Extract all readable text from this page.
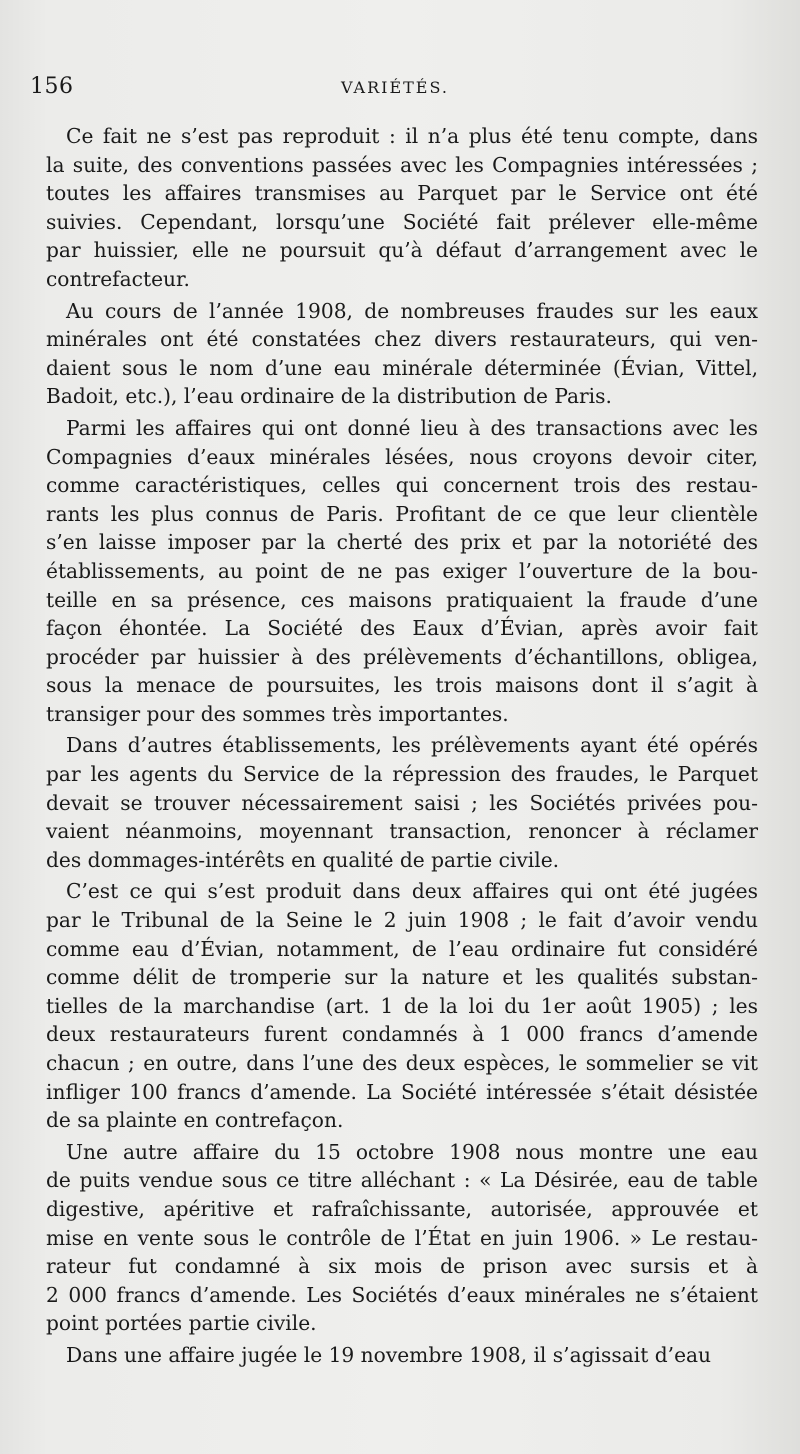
156	VARIÉTÉS.
Ce fait ne s’est pas reproduit : il n’a plus été tenu compte, dans
la suite, des conventions passées avec les Compagnies intéressées ;
toutes les affaires transmises au Parquet par le Service ont été
suivies. Cependant, lorsqu’une Société fait prélever elle-même
par huissier, elle ne poursuit qu’à défaut d’arrangement avec le
contrefacteur.
Au cours de l’année 1908, de nombreuses fraudes sur les eaux
minérales ont été constatées chez divers restaurateurs, qui ven-
daient sous le nom d’une eau minérale déterminée (Évian, Vittel,
Badoit, etc.), l’eau ordinaire de la distribution de Paris.
Parmi les affaires qui ont donné lieu à des transactions avec les
Compagnies d’eaux minérales lésées, nous croyons devoir citer,
comme caractéristiques, celles qui concernent trois des restau-
rants les plus connus de Paris. Profitant de ce que leur clientèle
s’en laisse imposer par la cherté des prix et par la notoriété des
établissements, au point de ne pas exiger l’ouverture de la bou-
teille en sa présence, ces maisons pratiquaient la fraude d’une
façon éhontée. La Société des Eaux d’Évian, après avoir fait
procéder par huissier à des prélèvements d’échantillons, obligea,
sous la menace de poursuites, les trois maisons dont il s’agit à
transiger pour des sommes très importantes.
Dans d’autres établissements, les prélèvements ayant été opérés
par les agents du Service de la répression des fraudes, le Parquet
devait se trouver nécessairement saisi ; les Sociétés privées pou-
vaient néanmoins, moyennant transaction, renoncer à réclamer
des dommages-intérêts en qualité de partie civile.
C’est ce qui s’est produit dans deux affaires qui ont été jugées
par le Tribunal de la Seine le 2 juin 1908 ; le fait d’avoir vendu
comme eau d’Évian, notamment, de l’eau ordinaire fut considéré
comme délit de tromperie sur la nature et les qualités substan-
tielles de la marchandise (art. 1 de la loi du 1er août 1905) ; les
deux restaurateurs furent condamnés à 1 000 francs d’amende
chacun ; en outre, dans l’une des deux espèces, le sommelier se vit
infliger 100 francs d’amende. La Société intéressée s’était désistée
de sa plainte en contrefaçon.
Une autre affaire du 15 octobre 1908 nous montre une eau
de puits vendue sous ce titre alléchant : « La Désirée, eau de table
digestive, apéritive et rafraîchissante, autorisée, approuvée et
mise en vente sous le contrôle de l’État en juin 1906. » Le restau-
rateur fut condamné à six mois de prison avec sursis et à
2 000 francs d’amende. Les Sociétés d’eaux minérales ne s’étaient
point portées partie civile.
Dans une affaire jugée le 19 novembre 1908, il s’agissait d’eau
